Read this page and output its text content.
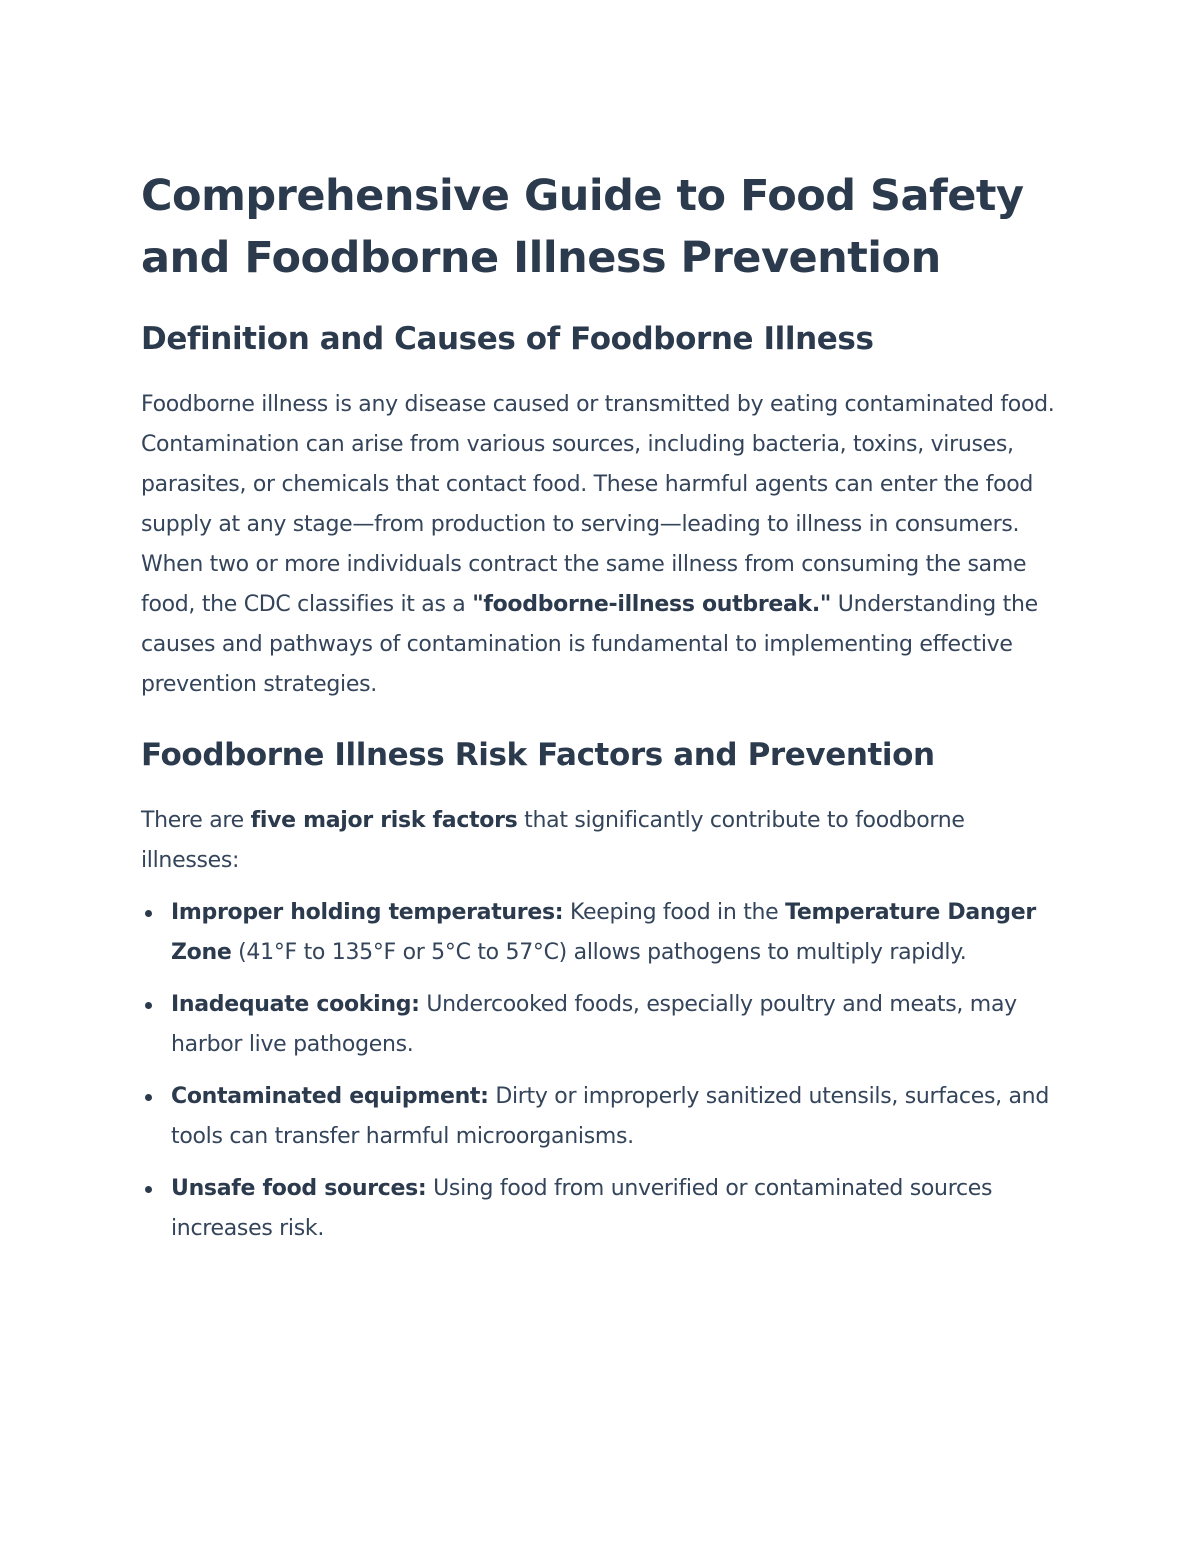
Comprehensive Guide to Food Safety and Foodborne Illness Prevention
Definition and Causes of Foodborne Illness

Foodborne illness is any disease caused or transmitted by eating contaminated food. Contamination can arise from various sources, including bacteria, toxins, viruses, parasites, or chemicals that contact food. These harmful agents can enter the food supply at any stage—from production to serving—leading to illness in consumers. When two or more individuals contract the same illness from consuming the same food, the CDC classifies it as a "foodborne-illness outbreak." Understanding the causes and pathways of contamination is fundamental to implementing effective prevention strategies.

Foodborne Illness Risk Factors and Prevention

There are five major risk factors that significantly contribute to foodborne illnesses:

Improper holding temperatures: Keeping food in the Temperature Danger Zone (41°F to 135°F or 5°C to 57°C) allows pathogens to multiply rapidly.
Inadequate cooking: Undercooked foods, especially poultry and meats, may harbor live pathogens.
Contaminated equipment: Dirty or improperly sanitized utensils, surfaces, and tools can transfer harmful microorganisms.
Unsafe food sources: Using food from unverified or contaminated sources increases risk.
